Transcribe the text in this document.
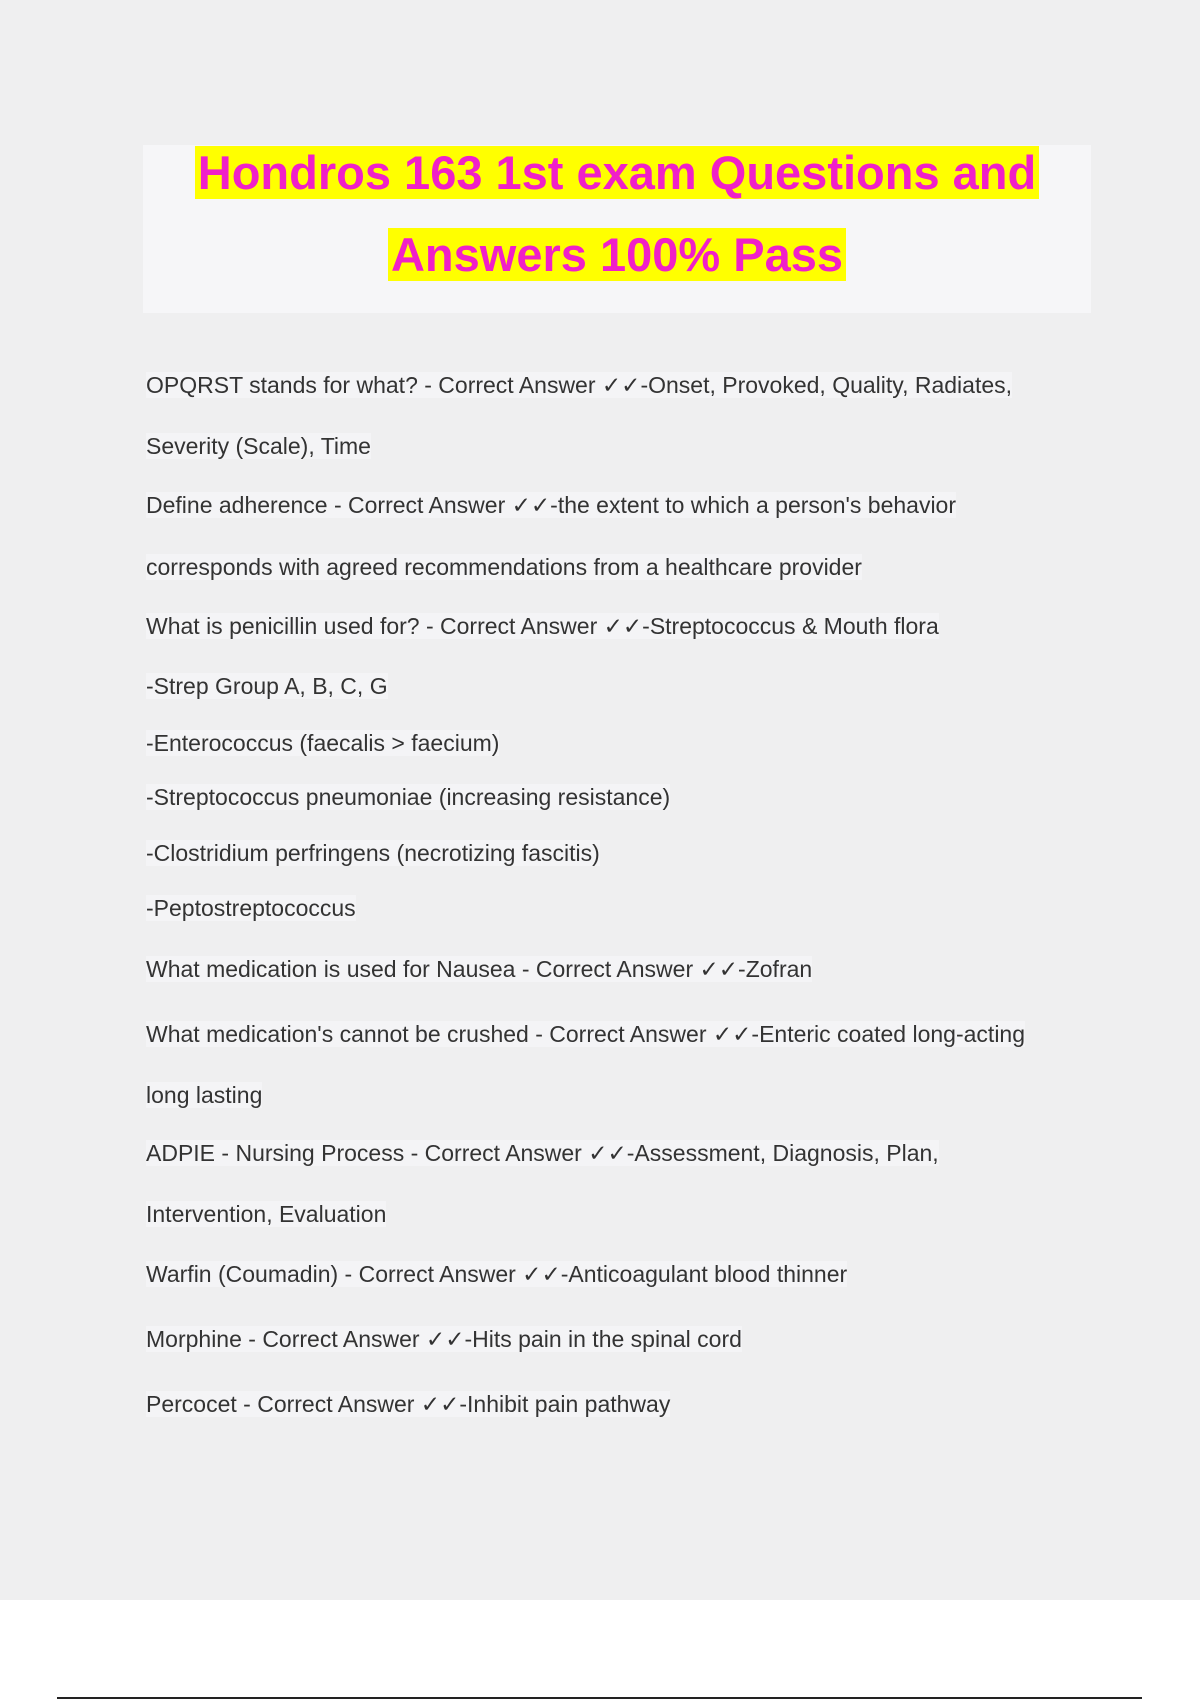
Hondros 163 1st exam Questions and
Answers 100% Pass
OPQRST stands for what? - Correct Answer ✓✓-Onset, Provoked, Quality, Radiates,
Severity (Scale), Time
Define adherence - Correct Answer ✓✓-the extent to which a person's behavior
corresponds with agreed recommendations from a healthcare provider
What is penicillin used for? - Correct Answer ✓✓-Streptococcus & Mouth flora
-Strep Group A, B, C, G
-Enterococcus (faecalis > faecium)
-Streptococcus pneumoniae (increasing resistance)
-Clostridium perfringens (necrotizing fascitis)
-Peptostreptococcus
What medication is used for Nausea - Correct Answer ✓✓-Zofran
What medication's cannot be crushed - Correct Answer ✓✓-Enteric coated long-acting
long lasting
ADPIE - Nursing Process - Correct Answer ✓✓-Assessment, Diagnosis, Plan,
Intervention, Evaluation
Warfin (Coumadin) - Correct Answer ✓✓-Anticoagulant blood thinner
Morphine - Correct Answer ✓✓-Hits pain in the spinal cord
Percocet - Correct Answer ✓✓-Inhibit pain pathway
